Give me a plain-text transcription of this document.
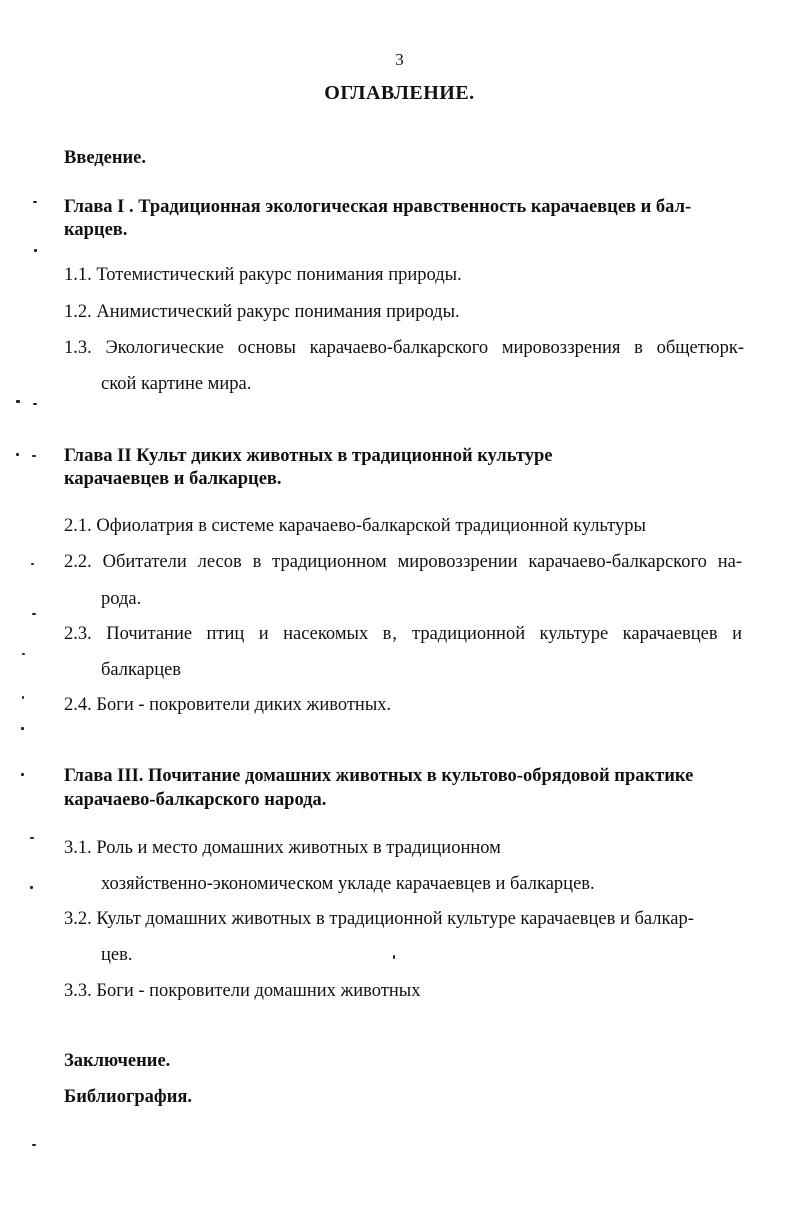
3
ОГЛАВЛЕНИЕ.
Введение.
Глава I . Традиционная экологическая нравственность карачаевцев и бал-
карцев.
1.1. Тотемистический ракурс понимания природы.
1.2. Анимистический ракурс понимания природы.
1.3. Экологические основы карачаево-балкарского мировоззрения в общетюрк-
ской картине мира.
Глава II Культ диких животных в традиционной культуре
карачаевцев и балкарцев.
2.1. Офиолатрия в системе карачаево-балкарской традиционной культуры
2.2. Обитатели лесов в традиционном мировоззрении карачаево-балкарского на-
рода.
2.3. Почитание птиц и насекомых в‚ традиционной культуре карачаевцев и
балкарцев
2.4. Боги - покровители диких животных.
Глава III. Почитание домашних животных в культово-обрядовой практике
карачаево-балкарского народа.
3.1. Роль и место домашних животных в традиционном
хозяйственно-экономическом укладе карачаевцев и балкарцев.
3.2. Культ домашних животных в традиционной культуре карачаевцев и балкар-
цев.
3.3. Боги - покровители домашних животных
Заключение.
Библиография.
